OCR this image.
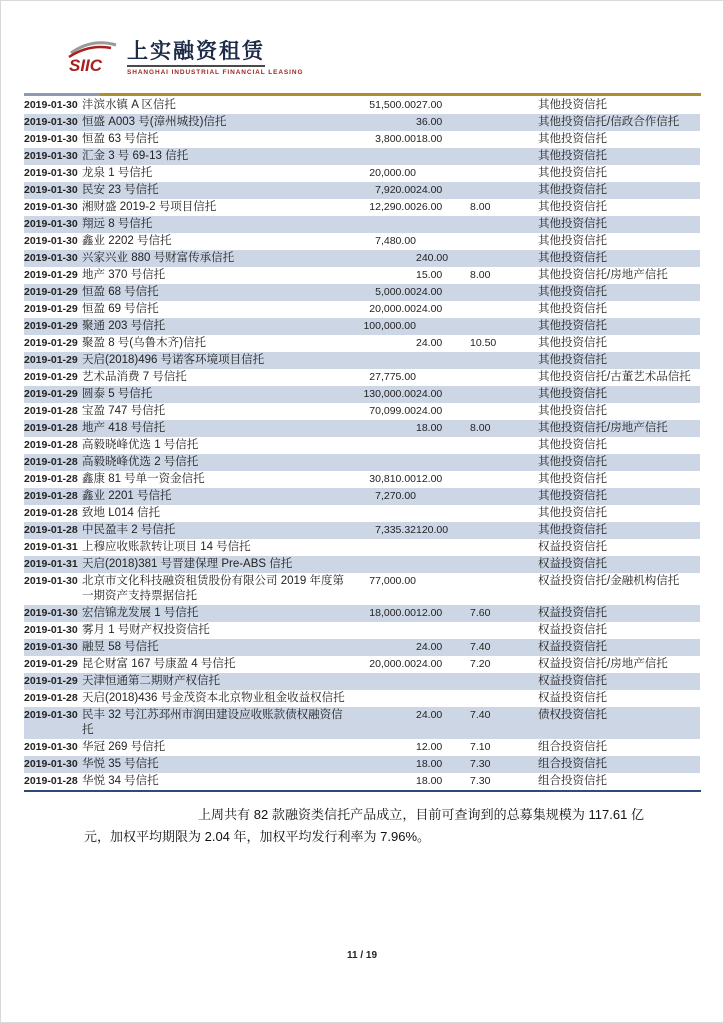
SIIC
上实融资租赁
SHANGHAI INDUSTRIAL FINANCIAL LEASING
2019-01-30	沣滨水镇 A 区信托	51,500.00	27.00		其他投资信托
2019-01-30	恒盛 A003 号(漳州城投)信托		36.00		其他投资信托/信政合作信托
2019-01-30	恒盈 63 号信托	3,800.00	18.00		其他投资信托
2019-01-30	汇金 3 号 69-13 信托				其他投资信托
2019-01-30	龙泉 1 号信托	20,000.00			其他投资信托
2019-01-30	民安 23 号信托	7,920.00	24.00		其他投资信托
2019-01-30	湘财盛 2019-2 号项目信托	12,290.00	26.00	8.00	其他投资信托
2019-01-30	翔远 8 号信托				其他投资信托
2019-01-30	鑫业 2202 号信托	7,480.00			其他投资信托
2019-01-30	兴家兴业 880 号财富传承信托		240.00		其他投资信托
2019-01-29	地产 370 号信托		15.00	8.00	其他投资信托/房地产信托
2019-01-29	恒盈 68 号信托	5,000.00	24.00		其他投资信托
2019-01-29	恒盈 69 号信托	20,000.00	24.00		其他投资信托
2019-01-29	聚通 203 号信托	100,000.00			其他投资信托
2019-01-29	聚盈 8 号(乌鲁木齐)信托		24.00	10.50	其他投资信托
2019-01-29	天启(2018)496 号诺客环境项目信托				其他投资信托
2019-01-29	艺术品消费 7 号信托	27,775.00			其他投资信托/古董艺术品信托
2019-01-29	圆泰 5 号信托	130,000.00	24.00		其他投资信托
2019-01-28	宝盈 747 号信托	70,099.00	24.00		其他投资信托
2019-01-28	地产 418 号信托		18.00	8.00	其他投资信托/房地产信托
2019-01-28	高毅晓峰优选 1 号信托				其他投资信托
2019-01-28	高毅晓峰优选 2 号信托				其他投资信托
2019-01-28	鑫康 81 号单一资金信托	30,810.00	12.00		其他投资信托
2019-01-28	鑫业 2201 号信托	7,270.00			其他投资信托
2019-01-28	致地 L014 信托				其他投资信托
2019-01-28	中民盈丰 2 号信托	7,335.32	120.00		其他投资信托
2019-01-31	上穆应收账款转让项目 14 号信托				权益投资信托
2019-01-31	天启(2018)381 号晋建保理 Pre-ABS 信托				权益投资信托
2019-01-30	北京市文化科技融资租赁股份有限公司 2019 年度第一期资产支持票据信托	77,000.00			权益投资信托/金融机构信托
2019-01-30	宏信锦龙发展 1 号信托	18,000.00	12.00	7.60	权益投资信托
2019-01-30	雾月 1 号财产权投资信托				权益投资信托
2019-01-30	融昱 58 号信托		24.00	7.40	权益投资信托
2019-01-29	昆仑财富 167 号康盈 4 号信托	20,000.00	24.00	7.20	权益投资信托/房地产信托
2019-01-29	天津恒通第二期财产权信托				权益投资信托
2019-01-28	天启(2018)436 号金茂资本北京物业租金收益权信托				权益投资信托
2019-01-30	民丰 32 号江苏邳州市润田建设应收账款债权融资信托		24.00	7.40	债权投资信托
2019-01-30	华冠 269 号信托		12.00	7.10	组合投资信托
2019-01-30	华悦 35 号信托		18.00	7.30	组合投资信托
2019-01-28	华悦 34 号信托		18.00	7.30	组合投资信托

上周共有 82 款融资类信托产品成立，目前可查询到的总募集规模为 117.61 亿元，加权平均期限为 2.04 年，加权平均发行利率为 7.96%。

11 / 19
